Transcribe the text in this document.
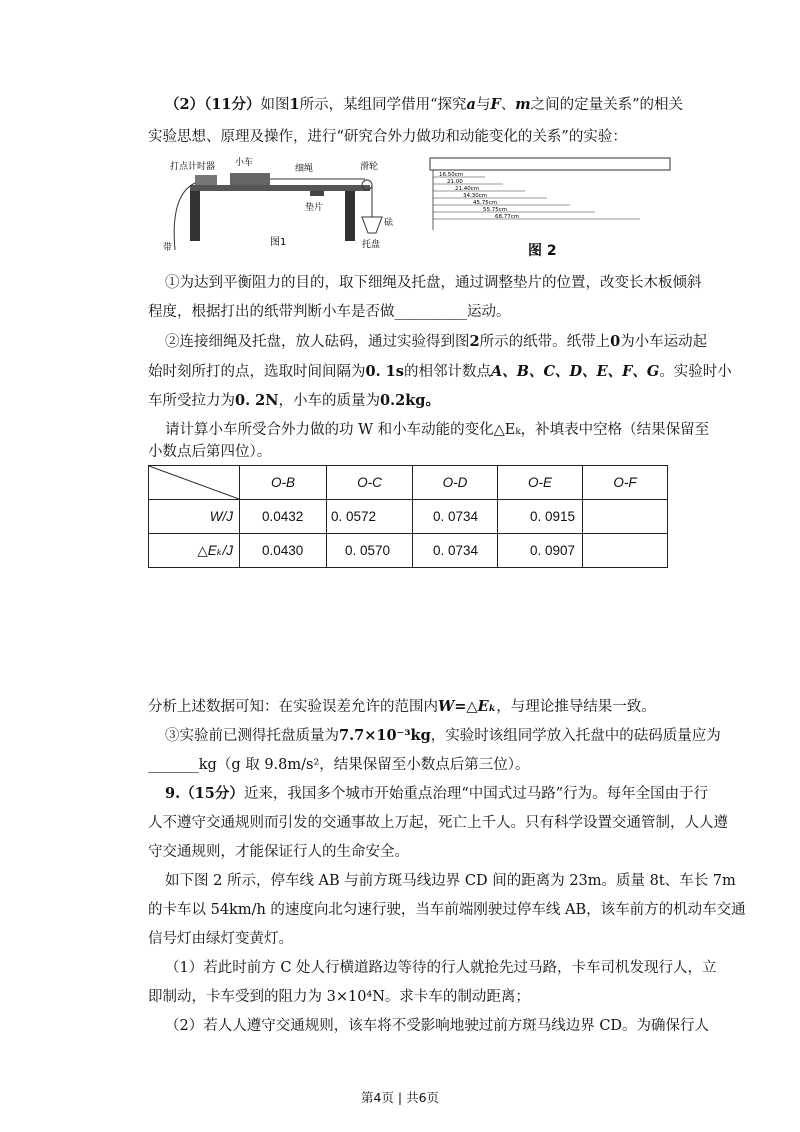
（2）（11分）如图1所示，某组同学借用“探究a与F、m之间的定量关系”的相关
实验思想、原理及操作，进行“研究合外力做功和动能变化的关系”的实验：
打点计时器 小车
细绳	滑轮
垫片
带
砝
托盘
图1
16.50cm
21.00
21.40cm
34.30cm
45.75cm
55.75cm
68.77cm
图 2
①为达到平衡阻力的目的，取下细绳及托盘，通过调整垫片的位置，改变长木板倾斜
程度，根据打出的纸带判断小车是否做__________运动。
②连接细绳及托盘，放人砝码，通过实验得到图2所示的纸带。纸带上0为小车运动起
始时刻所打的点，选取时间间隔为0. 1s的相邻计数点A、B、C、D、E、F、G。实验时小
车所受拉力为0. 2N，小车的质量为0.2kg。
请计算小车所受合外力做的功 W 和小车动能的变化△Eₖ，补填表中空格（结果保留至
小数点后第四位）。
	O-B	O-C	O-D	O-E	O-F
W/J	0.0432	0. 0572	0. 0734	0. 0915	
△Eₖ/J	0.0430	0. 0570	0. 0734	0. 0907	
分析上述数据可知：在实验误差允许的范围内W=△Eₖ，与理论推导结果一致。
③实验前已测得托盘质量为7.7×10⁻³kg，实验时该组同学放入托盘中的砝码质量应为
_______kg（g 取 9.8m/s²，结果保留至小数点后第三位）。
9.（15分）近来，我国多个城市开始重点治理“中国式过马路”行为。每年全国由于行
人不遵守交通规则而引发的交通事故上万起，死亡上千人。只有科学设置交通管制，人人遵
守交通规则，才能保证行人的生命安全。
如下图 2 所示，停车线 AB 与前方斑马线边界 CD 间的距离为 23m。质量 8t、车长 7m
的卡车以 54km/h 的速度向北匀速行驶，当车前端刚驶过停车线 AB，该车前方的机动车交通
信号灯由绿灯变黄灯。
（1）若此时前方 C 处人行横道路边等待的行人就抢先过马路，卡车司机发现行人，立
即制动，卡车受到的阻力为 3×10⁴N。求卡车的制动距离；
（2）若人人遵守交通规则，该车将不受影响地驶过前方斑马线边界 CD。为确保行人
第4页 | 共6页
